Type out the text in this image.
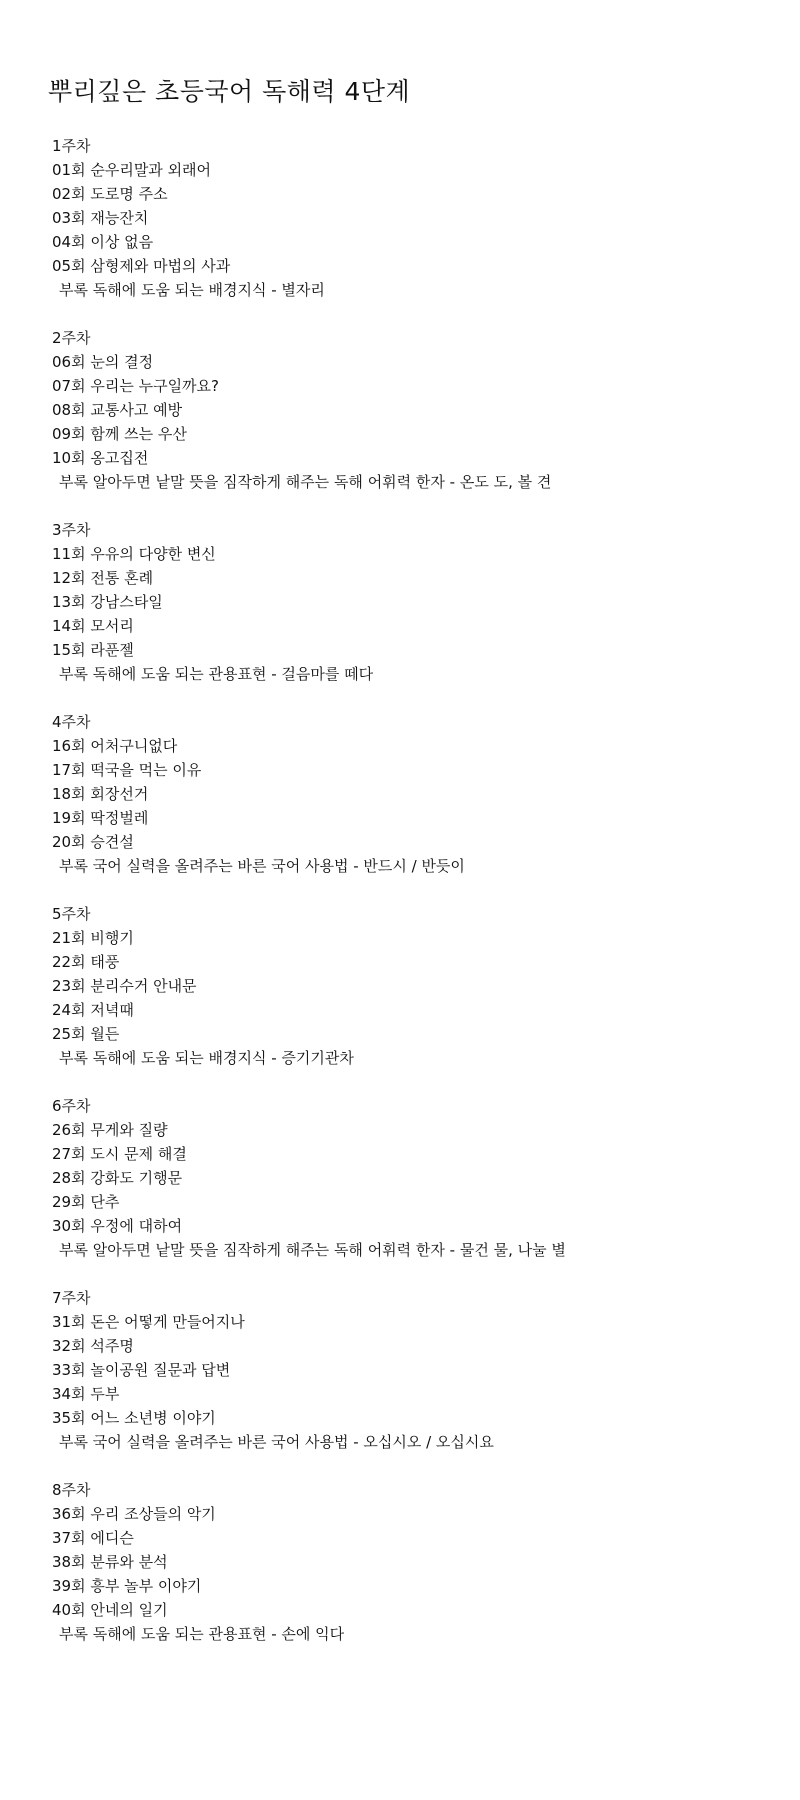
뿌리깊은 초등국어 독해력 4단계
1주차
01회 순우리말과 외래어
02회 도로명 주소
03회 재능잔치
04회 이상 없음
05회 삼형제와 마법의 사과
부록 독해에 도움 되는 배경지식 - 별자리
2주차
06회 눈의 결정
07회 우리는 누구일까요?
08회 교통사고 예방
09회 함께 쓰는 우산
10회 옹고집전
부록 알아두면 낱말 뜻을 짐작하게 해주는 독해 어휘력 한자 - 온도 도, 볼 견
3주차
11회 우유의 다양한 변신
12회 전통 혼례
13회 강남스타일
14회 모서리
15회 라푼젤
부록 독해에 도움 되는 관용표현 - 걸음마를 떼다
4주차
16회 어처구니없다
17회 떡국을 먹는 이유
18회 회장선거
19회 딱정벌레
20회 승견설
부록 국어 실력을 올려주는 바른 국어 사용법 - 반드시 / 반듯이
5주차
21회 비행기
22회 태풍
23회 분리수거 안내문
24회 저녁때
25회 월든
부록 독해에 도움 되는 배경지식 - 증기기관차
6주차
26회 무게와 질량
27회 도시 문제 해결
28회 강화도 기행문
29회 단추
30회 우정에 대하여
부록 알아두면 낱말 뜻을 짐작하게 해주는 독해 어휘력 한자 - 물건 물, 나눌 별
7주차
31회 돈은 어떻게 만들어지나
32회 석주명
33회 놀이공원 질문과 답변
34회 두부
35회 어느 소년병 이야기
부록 국어 실력을 올려주는 바른 국어 사용법 - 오십시오 / 오십시요
8주차
36회 우리 조상들의 악기
37회 에디슨
38회 분류와 분석
39회 흥부 놀부 이야기
40회 안네의 일기
부록 독해에 도움 되는 관용표현 - 손에 익다
